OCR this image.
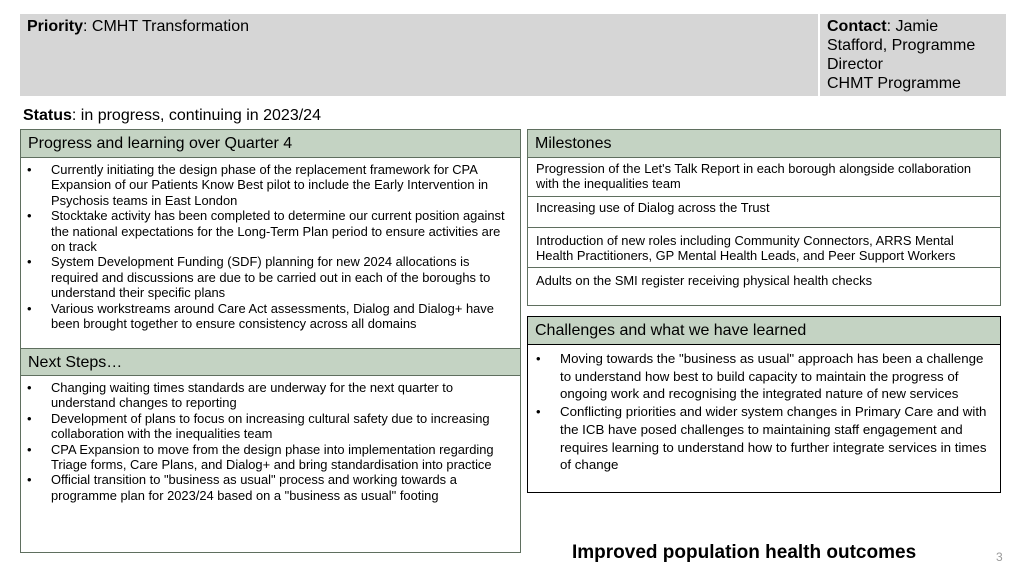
Priority: CMHT Transformation	Contact: Jamie Stafford, Programme Director
CHMT Programme
Status: in progress, continuing in 2023/24
Progress and learning over Quarter 4
• Currently initiating the design phase of the replacement framework for CPA Expansion of our Patients Know Best pilot to include the Early Intervention in Psychosis teams in East London
• Stocktake activity has been completed to determine our current position against the national expectations for the Long-Term Plan period to ensure activities are on track
• System Development Funding (SDF) planning for new 2024 allocations is required and discussions are due to be carried out in each of the boroughs to understand their specific plans
• Various workstreams around Care Act assessments, Dialog and Dialog+ have been brought together to ensure consistency across all domains
Next Steps…
• Changing waiting times standards are underway for the next quarter to understand changes to reporting
• Development of plans to focus on increasing cultural safety due to increasing collaboration with the inequalities team
• CPA Expansion to move from the design phase into implementation regarding Triage forms, Care Plans, and Dialog+ and bring standardisation into practice
• Official transition to "business as usual" process and working towards a programme plan for 2023/24 based on a "business as usual" footing
Milestones
Progression of the Let's Talk Report in each borough alongside collaboration with the inequalities team
Increasing use of Dialog across the Trust
Introduction of new roles including Community Connectors, ARRS Mental Health Practitioners, GP Mental Health Leads, and Peer Support Workers
Adults on the SMI register receiving physical health checks
Challenges and what we have learned
• Moving towards the "business as usual" approach has been a challenge to understand how best to build capacity to maintain the progress of ongoing work and recognising the integrated nature of new services
• Conflicting priorities and wider system changes in Primary Care and with the ICB have posed challenges to maintaining staff engagement and requires learning to understand how to further integrate services in times of change
Improved population health outcomes	3
